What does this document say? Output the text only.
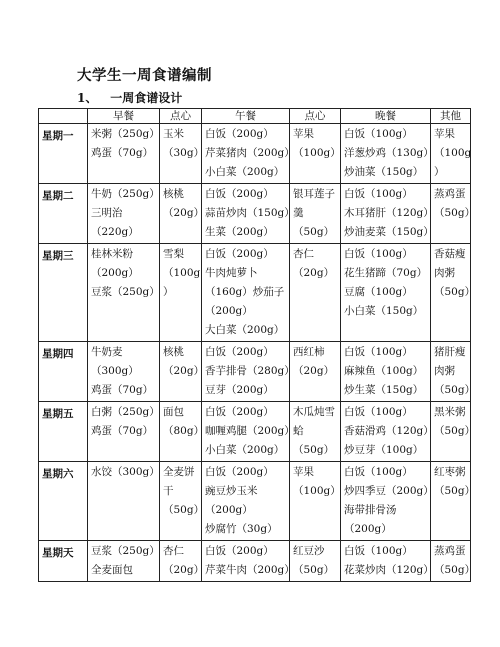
大学生一周食谱编制
1、 一周食谱设计
	早餐	点心	午餐	点心	晚餐	其他
星期一	米粥（250g）
鸡蛋（70g）	玉米
（30g）	白饭（200g）
芹菜猪肉（200g）
小白菜（200g）	苹果
（100g）	白饭（100g）
洋葱炒鸡（130g）
炒油菜（150g）	苹果
（100g
）

星期二	牛奶（250g）
三明治
（220g）	核桃
（20g）	白饭（200g）
蒜苗炒肉（150g）
生菜（200g）	银耳莲子
羹
（50g）	白饭（100g）
木耳猪肝（120g）
炒油麦菜（150g）	蒸鸡蛋
（50g）

星期三	桂林米粉
（200g）
豆浆（250g）	雪梨
（100g
）	白饭（200g）
牛肉炖萝卜
（160g）炒茄子
（200g）
大白菜（200g）	杏仁
（20g）	白饭（100g）
花生猪蹄（70g）
豆腐（100g）
小白菜（150g）	香菇瘦
肉粥
（50g）

星期四	牛奶麦
（300g）
鸡蛋（70g）	核桃
（20g）	白饭（200g）
香芋排骨（280g）
豆芽（200g）	西红柿
（20g）	白饭（100g）
麻辣鱼（100g）
炒生菜（150g）	猪肝瘦
肉粥
（50g）

星期五	白粥（250g）
鸡蛋（70g）	面包
（80g）	白饭（200g）
咖喱鸡腿（200g）
小白菜（200g）	木瓜炖雪
蛤
（50g）	白饭（100g）
香菇滑鸡（120g）
炒豆芽（100g）	黑米粥
（50g）

星期六	水饺（300g）	全麦饼
干
（50g）	白饭（200g）
豌豆炒玉米
（200g）
炒腐竹（30g）	苹果
（100g）	白饭（100g）
炒四季豆（200g）
海带排骨汤
（200g）	红枣粥
（50g）

星期天	豆浆（250g）
全麦面包	杏仁
（20g）	白饭（200g）
芹菜牛肉（200g）	红豆沙
（50g）	白饭（100g）
花菜炒肉（120g）	蒸鸡蛋
（50g）
